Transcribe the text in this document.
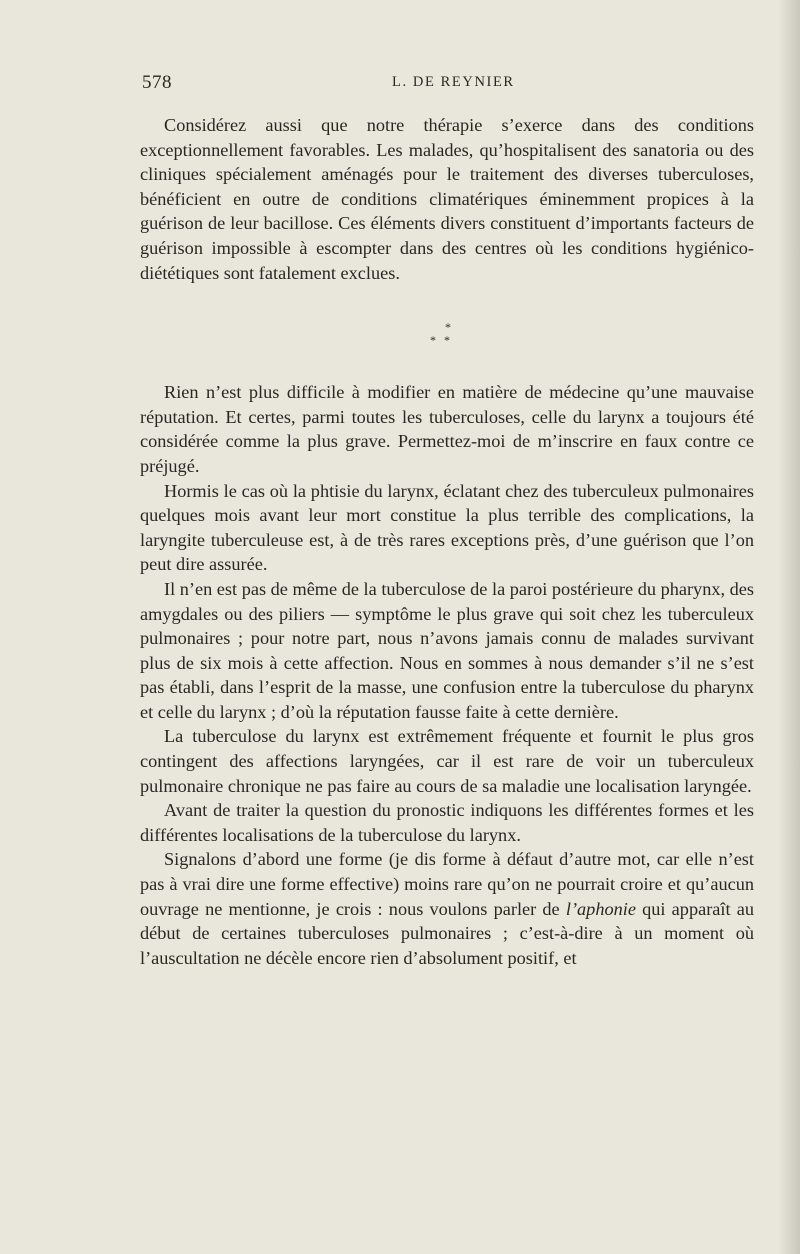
578	L. DE REYNIER

Considérez aussi que notre thérapie s’exerce dans des conditions exceptionnellement favorables. Les malades, qu’hospitalisent des sanatoria ou des cliniques spécialement aménagés pour le traitement des diverses tuberculoses, bénéficient en outre de conditions climatériques éminemment propices à la guérison de leur bacillose. Ces éléments divers constituent d’importants facteurs de guérison impossible à escompter dans des centres où les conditions hygiénico-diététiques sont fatalement exclues.

*
* *

Rien n’est plus difficile à modifier en matière de médecine qu’une mauvaise réputation. Et certes, parmi toutes les tuberculoses, celle du larynx a toujours été considérée comme la plus grave. Permettez-moi de m’inscrire en faux contre ce préjugé.

Hormis le cas où la phtisie du larynx, éclatant chez des tuberculeux pulmonaires quelques mois avant leur mort constitue la plus terrible des complications, la laryngite tuberculeuse est, à de très rares exceptions près, d’une guérison que l’on peut dire assurée.

Il n’en est pas de même de la tuberculose de la paroi postérieure du pharynx, des amygdales ou des piliers — symptôme le plus grave qui soit chez les tuberculeux pulmonaires ; pour notre part, nous n’avons jamais connu de malades survivant plus de six mois à cette affection. Nous en sommes à nous demander s’il ne s’est pas établi, dans l’esprit de la masse, une confusion entre la tuberculose du pharynx et celle du larynx ; d’où la réputation fausse faite à cette dernière.

La tuberculose du larynx est extrêmement fréquente et fournit le plus gros contingent des affections laryngées, car il est rare de voir un tuberculeux pulmonaire chronique ne pas faire au cours de sa maladie une localisation laryngée.

Avant de traiter la question du pronostic indiquons les différentes formes et les différentes localisations de la tuberculose du larynx.

Signalons d’abord une forme (je dis forme à défaut d’autre mot, car elle n’est pas à vrai dire une forme effective) moins rare qu’on ne pourrait croire et qu’aucun ouvrage ne mentionne, je crois : nous voulons parler de l’aphonie qui apparaît au début de certaines tuberculoses pulmonaires ; c’est-à-dire à un moment où l’auscultation ne décèle encore rien d’absolument positif, et
